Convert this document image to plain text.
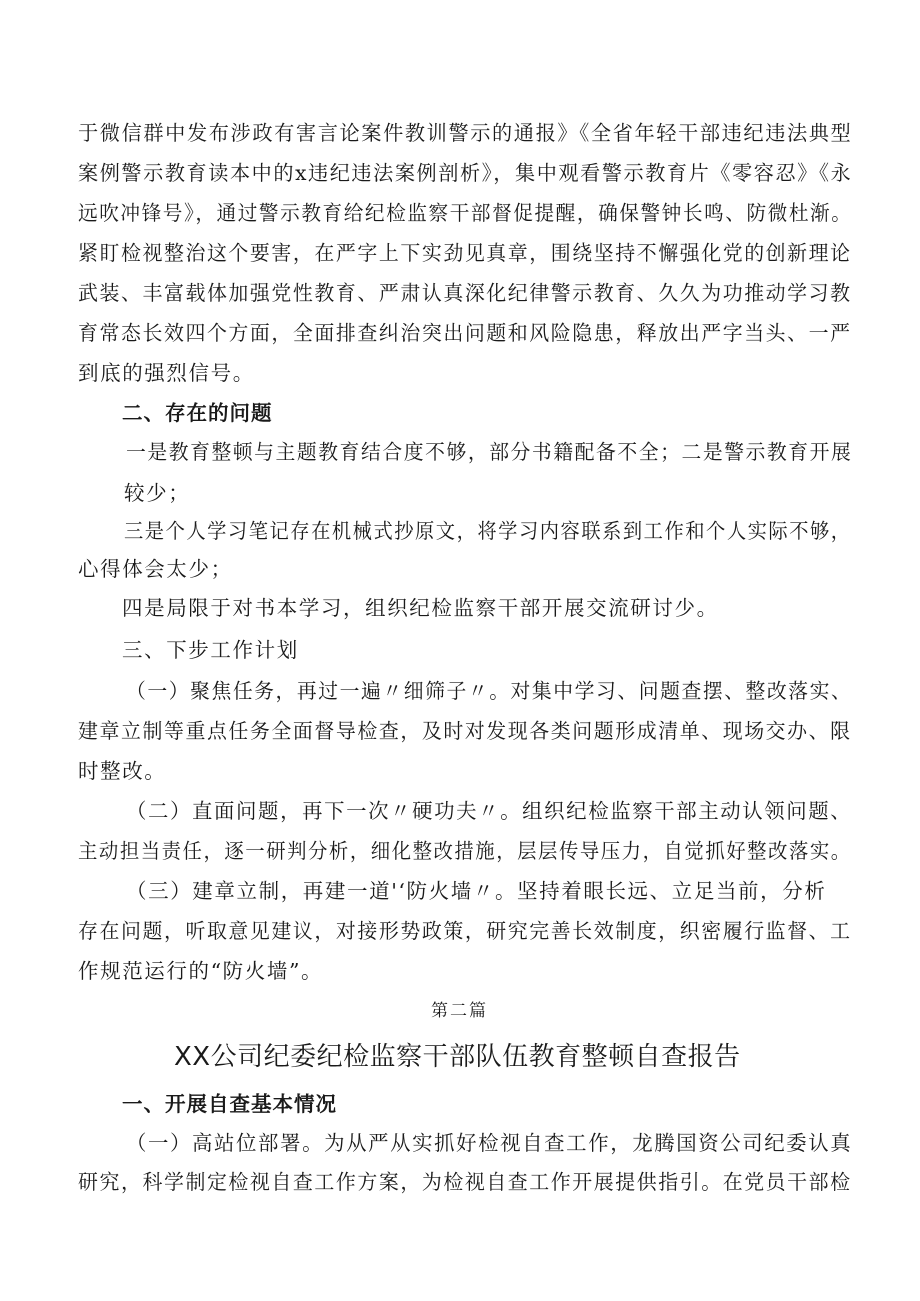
于微信群中发布涉政有害言论案件教训警示的通报》《全省年轻干部违纪违法典型
案例警示教育读本中的x违纪违法案例剖析》，集中观看警示教育片《零容忍》《永
远吹冲锋号》，通过警示教育给纪检监察干部督促提醒，确保警钟长鸣、防微杜渐。
紧盯检视整治这个要害，在严字上下实劲见真章，围绕坚持不懈强化党的创新理论
武装、丰富载体加强党性教育、严肃认真深化纪律警示教育、久久为功推动学习教
育常态长效四个方面，全面排查纠治突出问题和风险隐患，释放出严字当头、一严
到底的强烈信号。
二、存在的问题
一是教育整顿与主题教育结合度不够，部分书籍配备不全；二是警示教育开展
较少；
三是个人学习笔记存在机械式抄原文，将学习内容联系到工作和个人实际不够，
心得体会太少；
四是局限于对书本学习，组织纪检监察干部开展交流研讨少。
三、下步工作计划
（一）聚焦任务，再过一遍〃细筛子〃。对集中学习、问题查摆、整改落实、
建章立制等重点任务全面督导检查，及时对发现各类问题形成清单、现场交办、限
时整改。
（二）直面问题，再下一次〃硬功夫〃。组织纪检监察干部主动认领问题、
主动担当责任，逐一研判分析，细化整改措施，层层传导压力，自觉抓好整改落实。
（三）建章立制，再建一道'‘防火墙〃。坚持着眼长远、立足当前，分析
存在问题，听取意见建议，对接形势政策，研究完善长效制度，织密履行监督、工
作规范运行的“防火墙”。
第二篇
XX公司纪委纪检监察干部队伍教育整顿自查报告
一、开展自查基本情况
（一）高站位部署。为从严从实抓好检视自查工作，龙腾国资公司纪委认真
研究，科学制定检视自查工作方案，为检视自查工作开展提供指引。在党员干部检
